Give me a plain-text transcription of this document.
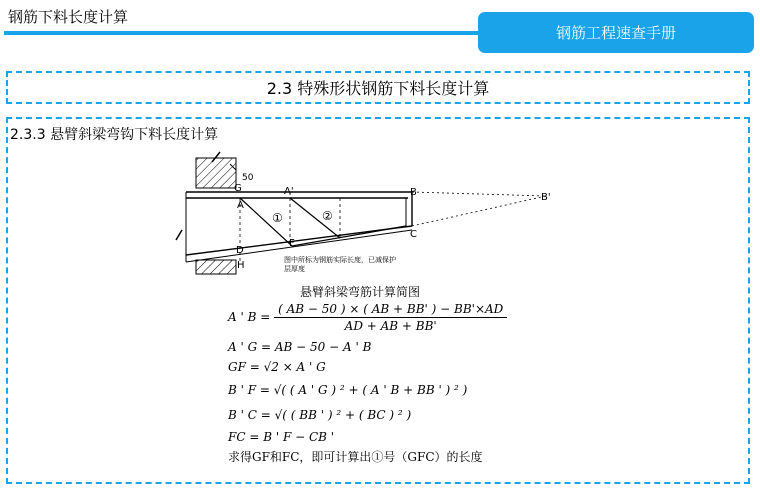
钢筋下料长度计算
钢筋工程速查手册
2.3 特殊形状钢筋下料长度计算
2.3.3 悬臂斜梁弯钩下料长度计算
G	A'	B	B'
A
C
D
F
H
50
①	②
图中所标为钢筋实际长度，已减保护
层厚度
悬臂斜梁弯筋计算简图
A ' $B = \frac{( AB - 50 ) \times ( AB + BB' ) - BB'\times AD}{AD + AB + BB'}$
A ' G = AB − 50 − A ' B
GF = √2 × A ' G
B ' F = √( ( A ' G ) ² + ( A ' B + BB ' ) ² )
B ' C = √( ( BB ' ) ² + ( BC ) ² )
FC = B ' F − CB '
求得GF和FC，即可计算出①号（GFC）的长度
